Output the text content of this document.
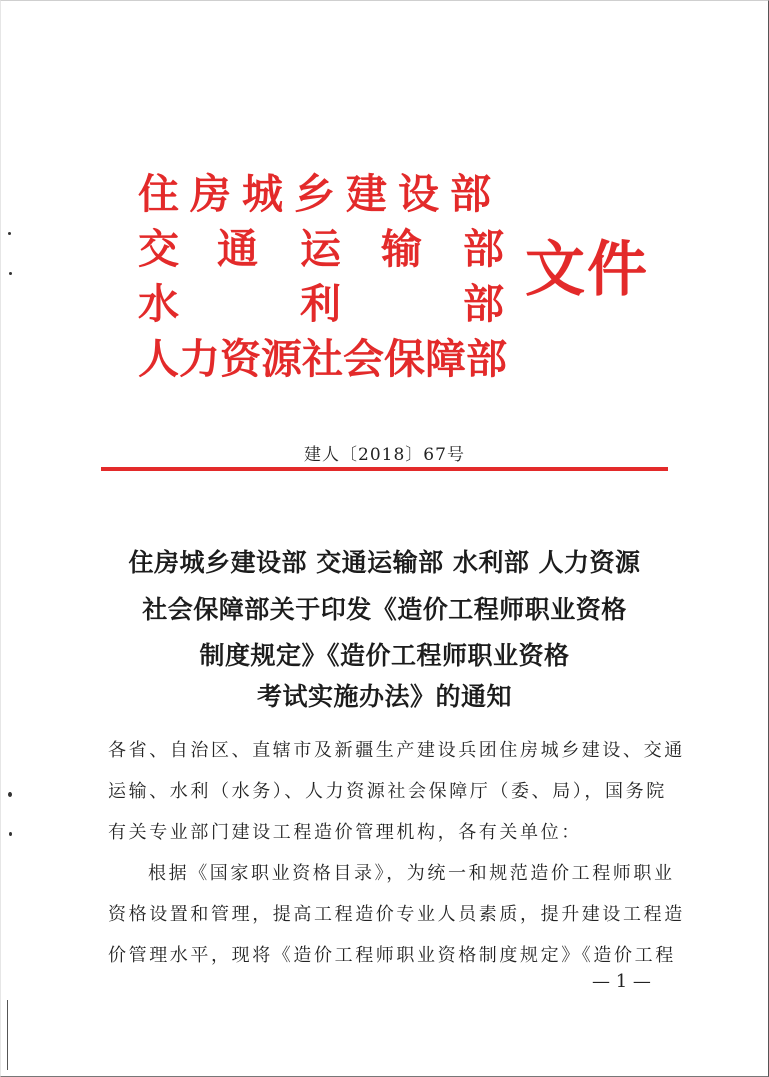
住房城乡建设部
交 通 运 输 部
水	利	部
人力资源社会保障部
文件
建人〔2018〕67号
住房城乡建设部 交通运输部 水利部 人力资源
社会保障部关于印发《造价工程师职业资格
制度规定》《造价工程师职业资格
考试实施办法》的通知
各省、自治区、直辖市及新疆生产建设兵团住房城乡建设、交通
运输、水利（水务）、人力资源社会保障厅（委、局），国务院
有关专业部门建设工程造价管理机构，各有关单位：
根据《国家职业资格目录》，为统一和规范造价工程师职业
资格设置和管理，提高工程造价专业人员素质，提升建设工程造
价管理水平，现将《造价工程师职业资格制度规定》《造价工程
— 1 —
